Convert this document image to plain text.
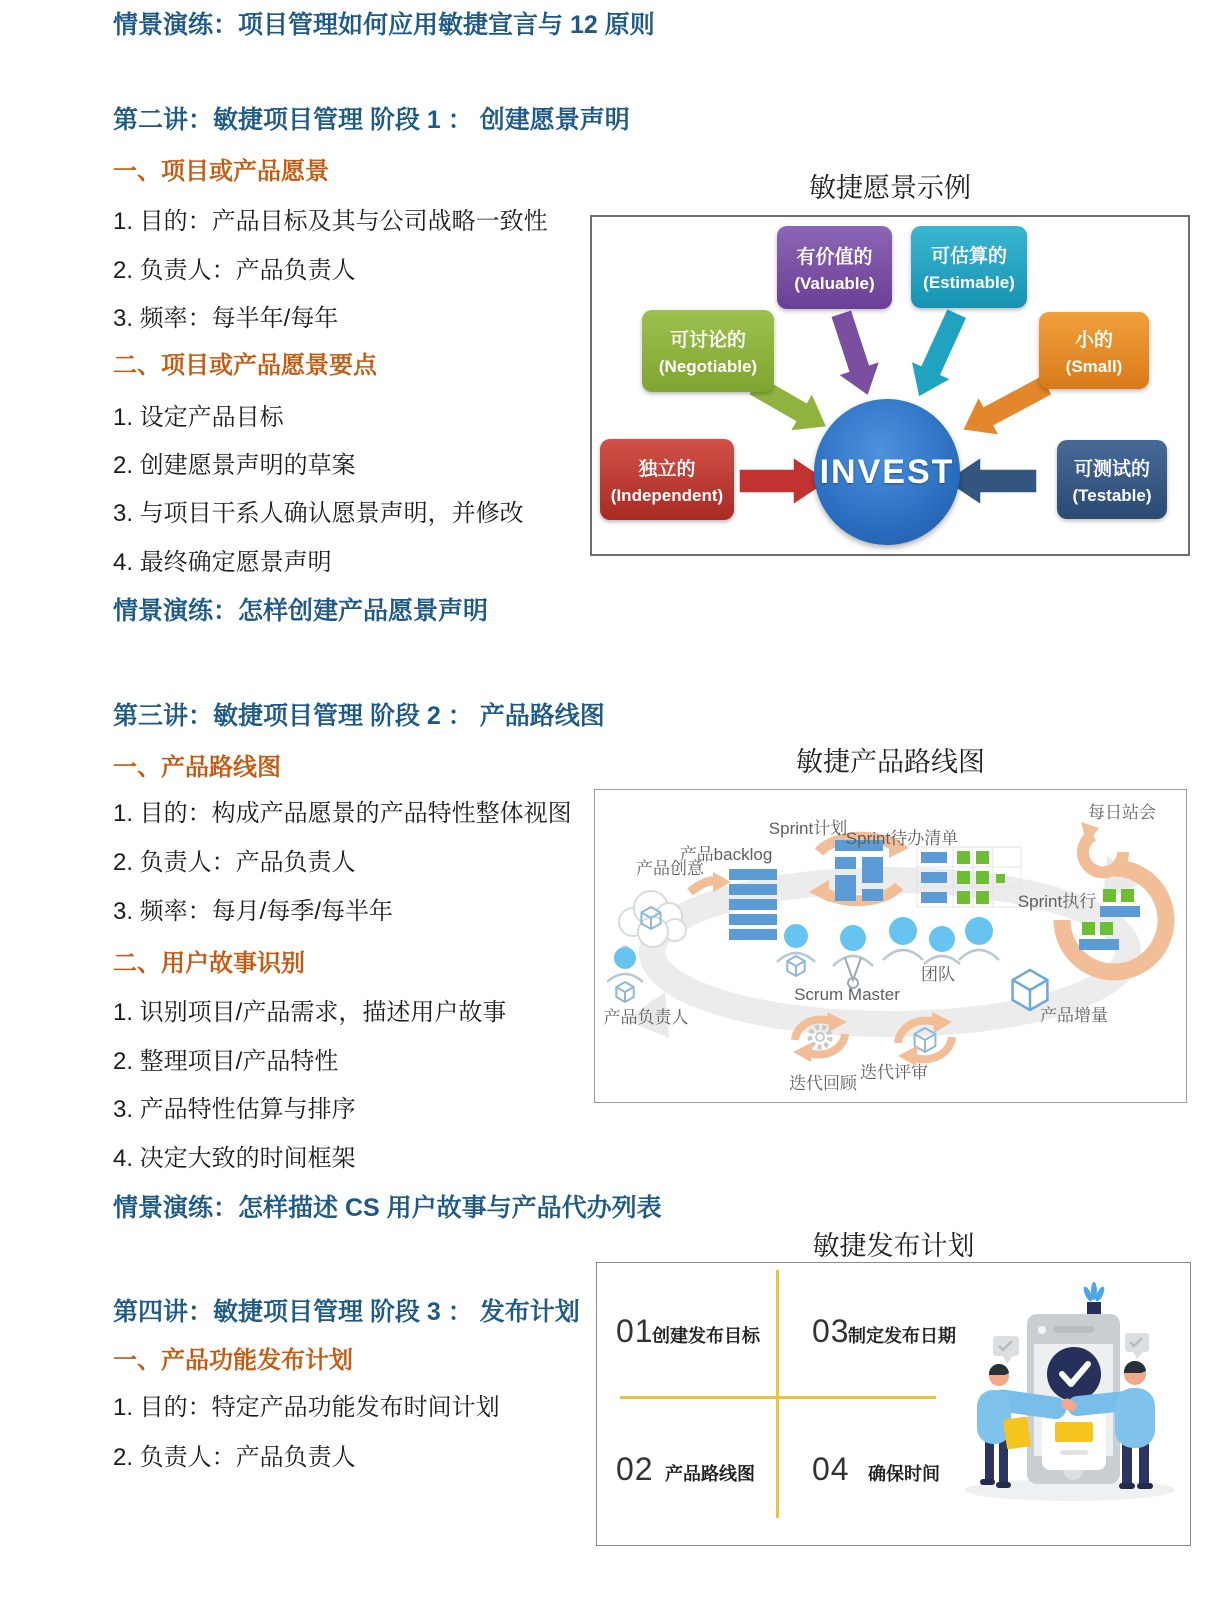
情景演练：项目管理如何应用敏捷宣言与 12 原则
第二讲：敏捷项目管理 阶段 1 ： 创建愿景声明
一、项目或产品愿景
1. 目的：产品目标及其与公司战略一致性
2. 负责人：产品负责人
3. 频率：每半年/每年
二、项目或产品愿景要点
1. 设定产品目标
2. 创建愿景声明的草案
3. 与项目干系人确认愿景声明，并修改
4. 最终确定愿景声明
情景演练：怎样创建产品愿景声明
第三讲：敏捷项目管理 阶段 2 ： 产品路线图
一、产品路线图
1. 目的：构成产品愿景的产品特性整体视图
2. 负责人：产品负责人
3. 频率：每月/每季/每半年
二、用户故事识别
1. 识别项目/产品需求，描述用户故事
2. 整理项目/产品特性
3. 产品特性估算与排序
4. 决定大致的时间框架
情景演练：怎样描述 CS 用户故事与产品代办列表
第四讲：敏捷项目管理 阶段 3 ： 发布计划
一、产品功能发布计划
1. 目的：特定产品功能发布时间计划
2. 负责人：产品负责人
敏捷愿景示例
可讨论的
(Negotiable)
有价值的
(Valuable)
可估算的
(Estimable)
小的
(Small)
独立的
(Independent)
可测试的
(Testable)
INVEST
敏捷产品路线图
产品创意
产品backlog
Sprint计划
Sprint待办清单
每日站会
Sprint执行
团队
Scrum Master
产品负责人	产品增量
迭代评审
迭代回顾
敏捷发布计划
01
创建发布目标 03
制定发布日期
02 产品路线图 04 确保时间
